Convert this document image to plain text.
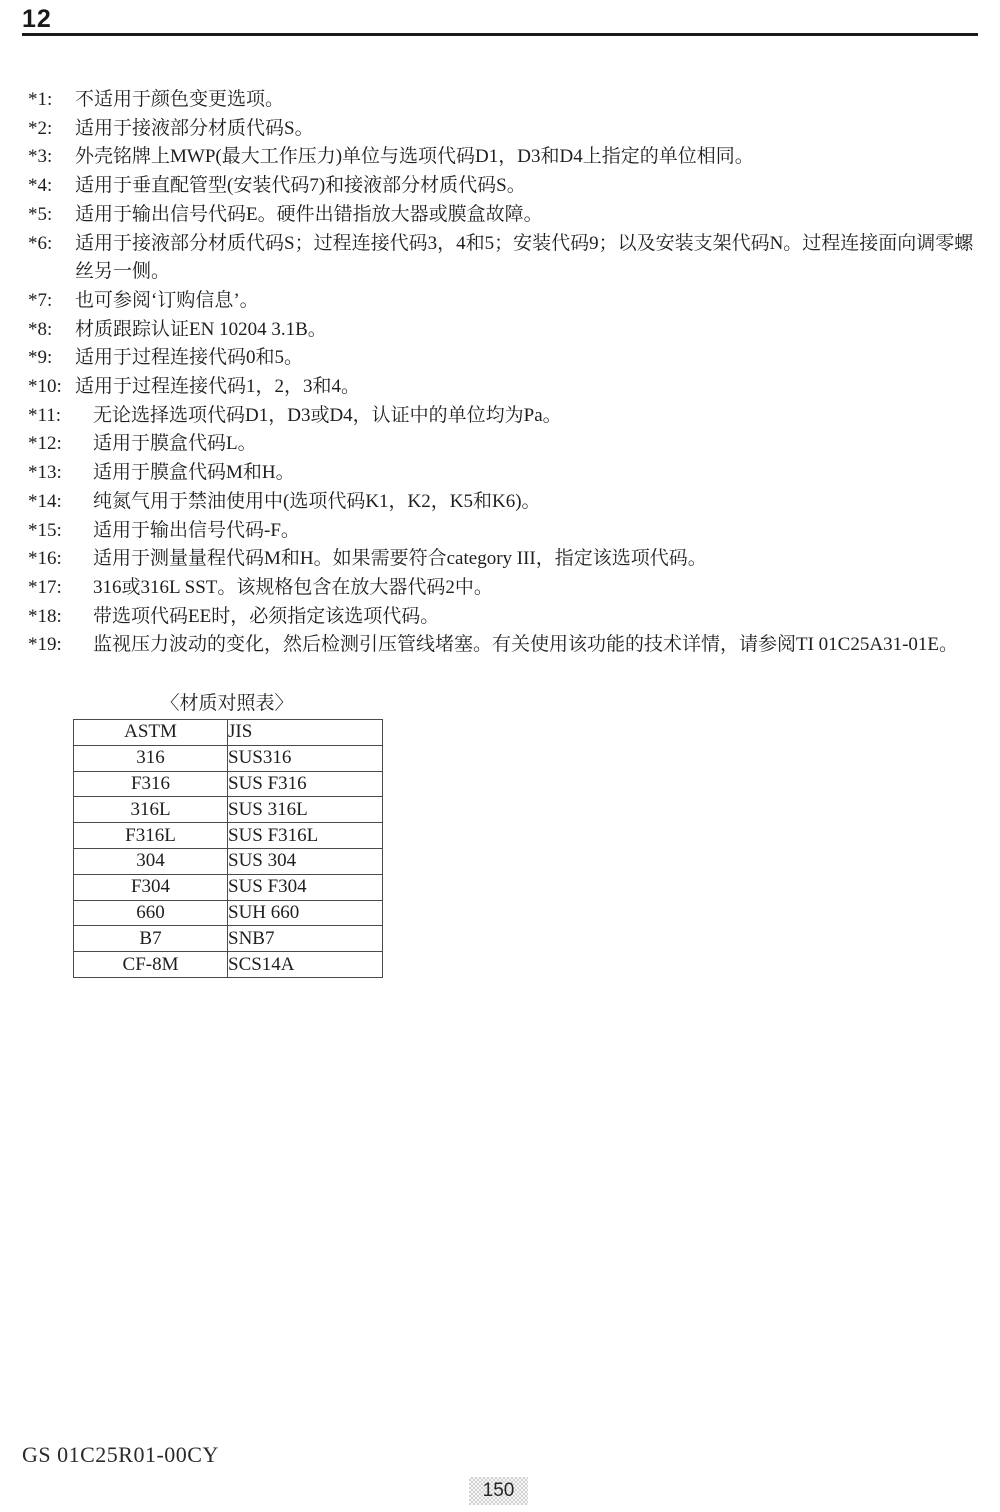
12
*1:	不适用于颜色变更选项。
*2:	适用于接液部分材质代码S。
*3:	外壳铭牌上MWP(最大工作压力)单位与选项代码D1，D3和D4上指定的单位相同。
*4:	适用于垂直配管型(安装代码7)和接液部分材质代码S。
*5:	适用于输出信号代码E。硬件出错指放大器或膜盒故障。
*6:	适用于接液部分材质代码S；过程连接代码3，4和5；安装代码9；以及安装支架代码N。过程连接面向调零螺丝另一侧。
*7:	也可参阅‘订购信息’。
*8:	材质跟踪认证EN 10204 3.1B。
*9:	适用于过程连接代码0和5。
*10: 适用于过程连接代码1，2，3和4。
*11:	无论选择选项代码D1，D3或D4，认证中的单位均为Pa。
*12:	适用于膜盒代码L。
*13:	适用于膜盒代码M和H。
*14:	纯氮气用于禁油使用中(选项代码K1，K2，K5和K6)。
*15:	适用于输出信号代码-F。
*16:	适用于测量量程代码M和H。如果需要符合category III，指定该选项代码。
*17:	316或316L SST。该规格包含在放大器代码2中。
*18:	带选项代码EE时，必须指定该选项代码。
*19:	监视压力波动的变化，然后检测引压管线堵塞。有关使用该功能的技术详情，请参阅TI 01C25A31-01E。
〈材质对照表〉
ASTM	JIS
316	SUS316
F316	SUS F316
316L	SUS 316L
F316L	SUS F316L
304	SUS 304
F304	SUS F304
660	SUH 660
B7	SNB7
CF-8M	SCS14A
GS 01C25R01-00CY
150
